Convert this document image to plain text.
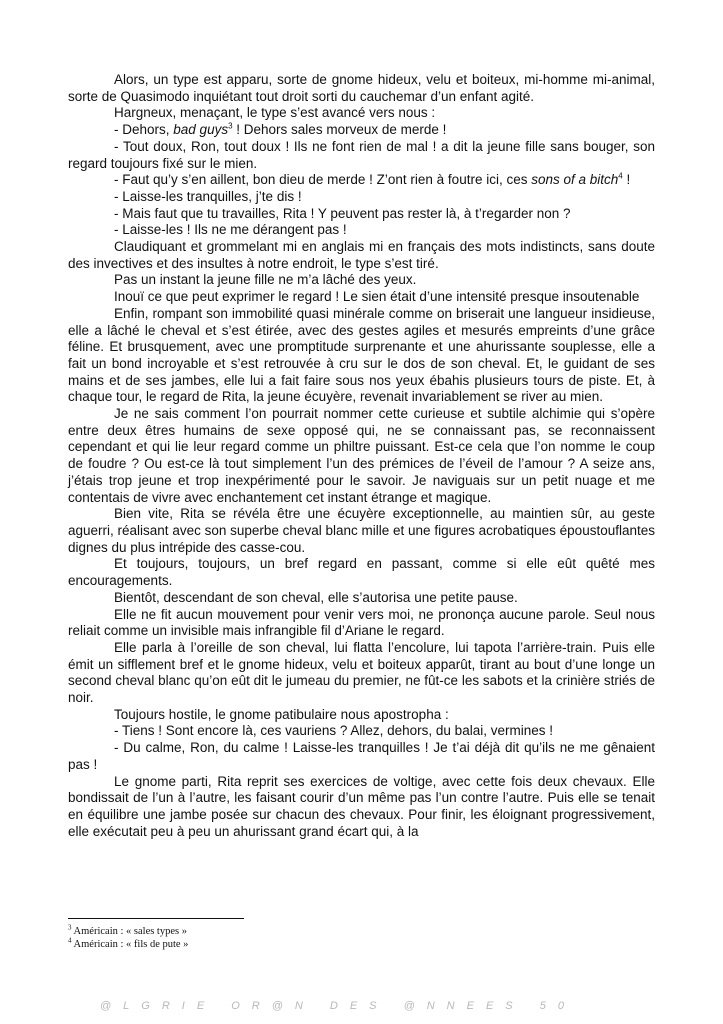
Alors, un type est apparu, sorte de gnome hideux, velu et boiteux, mi-homme mi-animal, sorte de Quasimodo inquiétant tout droit sorti du cauchemar d’un enfant agité.

Hargneux, menaçant, le type s’est avancé vers nous :

- Dehors, bad guys$^3$ ! Dehors sales morveux de merde !

- Tout doux, Ron, tout doux ! Ils ne font rien de mal ! a dit la jeune fille sans bouger, son regard toujours fixé sur le mien.

- Faut qu’y s’en aillent, bon dieu de merde ! Z’ont rien à foutre ici, ces sons of a bitch$^4$ !

- Laisse-les tranquilles, j’te dis !

- Mais faut que tu travailles, Rita ! Y peuvent pas rester là, à t’regarder non ?

- Laisse-les ! Ils ne me dérangent pas !

Claudiquant et grommelant mi en anglais mi en français des mots indistincts, sans doute des invectives et des insultes à notre endroit, le type s’est tiré.

Pas un instant la jeune fille ne m’a lâché des yeux.

Inouï ce que peut exprimer le regard ! Le sien était d’une intensité presque insoutenable

Enfin, rompant son immobilité quasi minérale comme on briserait une langueur insidieuse, elle a lâché le cheval et s’est étirée, avec des gestes agiles et mesurés empreints d’une grâce féline. Et brusquement, avec une promptitude surprenante et une ahurissante souplesse, elle a fait un bond incroyable et s’est retrouvée à cru sur le dos de son cheval. Et, le guidant de ses mains et de ses jambes, elle lui a fait faire sous nos yeux ébahis plusieurs tours de piste. Et, à chaque tour, le regard de Rita, la jeune écuyère, revenait invariablement se river au mien.

Je ne sais comment l’on pourrait nommer cette curieuse et subtile alchimie qui s’opère entre deux êtres humains de sexe opposé qui, ne se connaissant pas, se reconnaissent cependant et qui lie leur regard comme un philtre puissant. Est-ce cela que l’on nomme le coup de foudre ? Ou est-ce là tout simplement l’un des prémices de l’éveil de l’amour ? A seize ans, j’étais trop jeune et trop inexpérimenté pour le savoir. Je naviguais sur un petit nuage et me contentais de vivre avec enchantement cet instant étrange et magique.

Bien vite, Rita se révéla être une écuyère exceptionnelle, au maintien sûr, au geste aguerri, réalisant avec son superbe cheval blanc mille et une figures acrobatiques époustouflantes dignes du plus intrépide des casse-cou.

Et toujours, toujours, un bref regard en passant, comme si elle eût quêté mes encouragements.

Bientôt, descendant de son cheval, elle s’autorisa une petite pause.

Elle ne fit aucun mouvement pour venir vers moi, ne prononça aucune parole. Seul nous reliait comme un invisible mais infrangible fil d’Ariane le regard.

Elle parla à l’oreille de son cheval, lui flatta l’encolure, lui tapota l’arrière-train. Puis elle émit un sifflement bref et le gnome hideux, velu et boiteux apparût, tirant au bout d’une longe un second cheval blanc qu’on eût dit le jumeau du premier, ne fût-ce les sabots et la crinière striés de noir.

Toujours hostile, le gnome patibulaire nous apostropha :

- Tiens ! Sont encore là, ces vauriens ? Allez, dehors, du balai, vermines !

- Du calme, Ron, du calme ! Laisse-les tranquilles ! Je t’ai déjà dit qu’ils ne me gênaient pas !

Le gnome parti, Rita reprit ses exercices de voltige, avec cette fois deux chevaux. Elle bondissait de l’un à l’autre, les faisant courir d’un même pas l’un contre l’autre. Puis elle se tenait en équilibre une jambe posée sur chacun des chevaux. Pour finir, les éloignant progressivement, elle exécutait peu à peu un ahurissant grand écart qui, à la

$^3$ Américain : « sales types »
$^4$ Américain : « fils de pute »
@LGRIE OR@N DES @NNEES 50
